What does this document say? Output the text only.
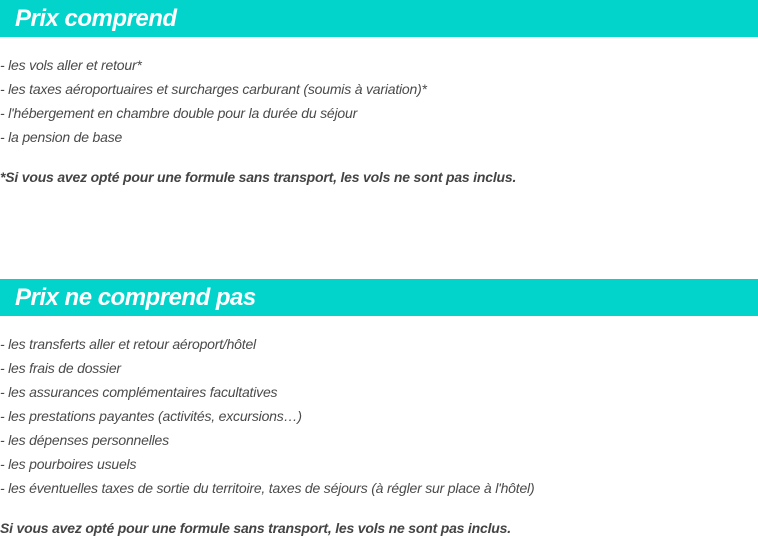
Prix comprend
- les vols aller et retour*
- les taxes aéroportuaires et surcharges carburant (soumis à variation)*
- l'hébergement en chambre double pour la durée du séjour
- la pension de base

*Si vous avez opté pour une formule sans transport, les vols ne sont pas inclus.

Prix ne comprend pas
- les transferts aller et retour aéroport/hôtel
- les frais de dossier
- les assurances complémentaires facultatives
- les prestations payantes (activités, excursions…)
- les dépenses personnelles
- les pourboires usuels
- les éventuelles taxes de sortie du territoire, taxes de séjours (à régler sur place à l'hôtel)

Si vous avez opté pour une formule sans transport, les vols ne sont pas inclus.
